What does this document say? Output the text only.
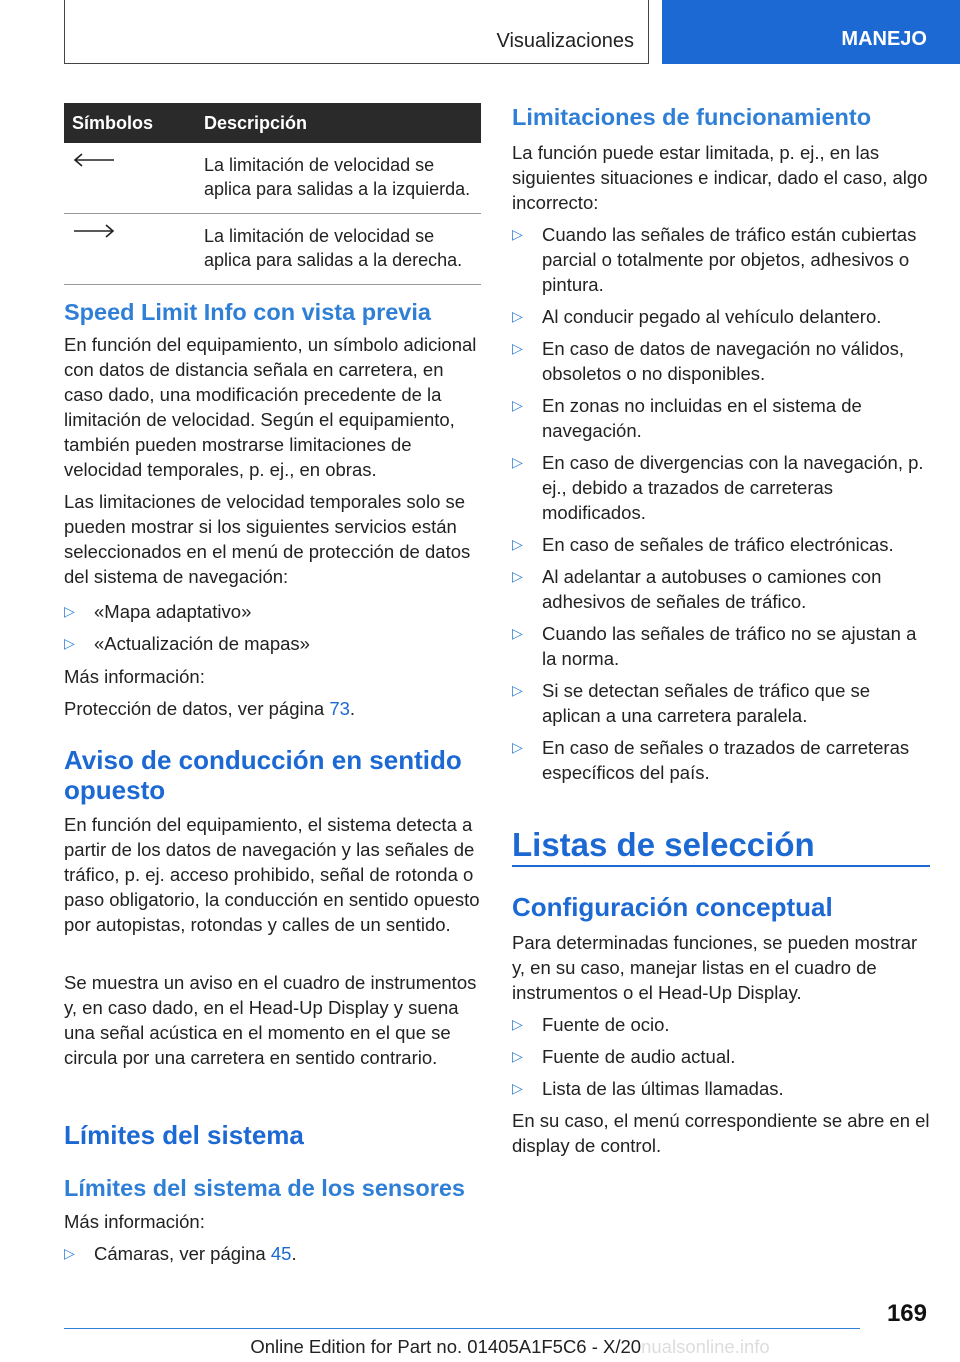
Visualizaciones	MANEJO
Símbolos	Descripción

	La limitación de velocidad se aplica para salidas a la izquierda.

	La limitación de velocidad se aplica para salidas a la derecha.
Speed Limit Info con vista previa

En función del equipamiento, un símbolo adicional con datos de distancia señala en carretera, en caso dado, una modificación precedente de la limitación de velocidad. Según el equipamiento, también pueden mostrarse limitaciones de velocidad temporales, p. ej., en obras.

Las limitaciones de velocidad temporales solo se pueden mostrar si los siguientes servicios están seleccionados en el menú de protección de datos del sistema de navegación:

▷ «Mapa adaptativo»
▷ «Actualización de mapas»

Más información:

Protección de datos, ver página 73.

Aviso de conducción en sentido opuesto

En función del equipamiento, el sistema detecta a partir de los datos de navegación y las señales de tráfico, p. ej. acceso prohibido, señal de rotonda o paso obligatorio, la conducción en sentido opuesto por autopistas, rotondas y calles de un sentido.

Se muestra un aviso en el cuadro de instrumentos y, en caso dado, en el Head-Up Display y suena una señal acústica en el momento en el que se circula por una carretera en sentido contrario.

Límites del sistema
Límites del sistema de los sensores

Más información:

▷ Cámaras, ver página 45.
Limitaciones de funcionamiento

La función puede estar limitada, p. ej., en las siguientes situaciones e indicar, dado el caso, algo incorrecto:

▷ Cuando las señales de tráfico están cubiertas parcial o totalmente por objetos, adhesivos o pintura.
▷ Al conducir pegado al vehículo delantero.
▷ En caso de datos de navegación no válidos, obsoletos o no disponibles.
▷ En zonas no incluidas en el sistema de navegación.
▷ En caso de divergencias con la navegación, p. ej., debido a trazados de carreteras modificados.
▷ En caso de señales de tráfico electrónicas.
▷ Al adelantar a autobuses o camiones con adhesivos de señales de tráfico.
▷ Cuando las señales de tráfico no se ajustan a la norma.
▷ Si se detectan señales de tráfico que se aplican a una carretera paralela.
▷ En caso de señales o trazados de carreteras específicos del país.
Listas de selección
Configuración conceptual

Para determinadas funciones, se pueden mostrar y, en su caso, manejar listas en el cuadro de instrumentos o el Head-Up Display.

▷ Fuente de ocio.
▷ Fuente de audio actual.
▷ Lista de las últimas llamadas.

En su caso, el menú correspondiente se abre en el display de control.

169
Online Edition for Part no. 01405A1F5C6 - X/20nualsonline.info
